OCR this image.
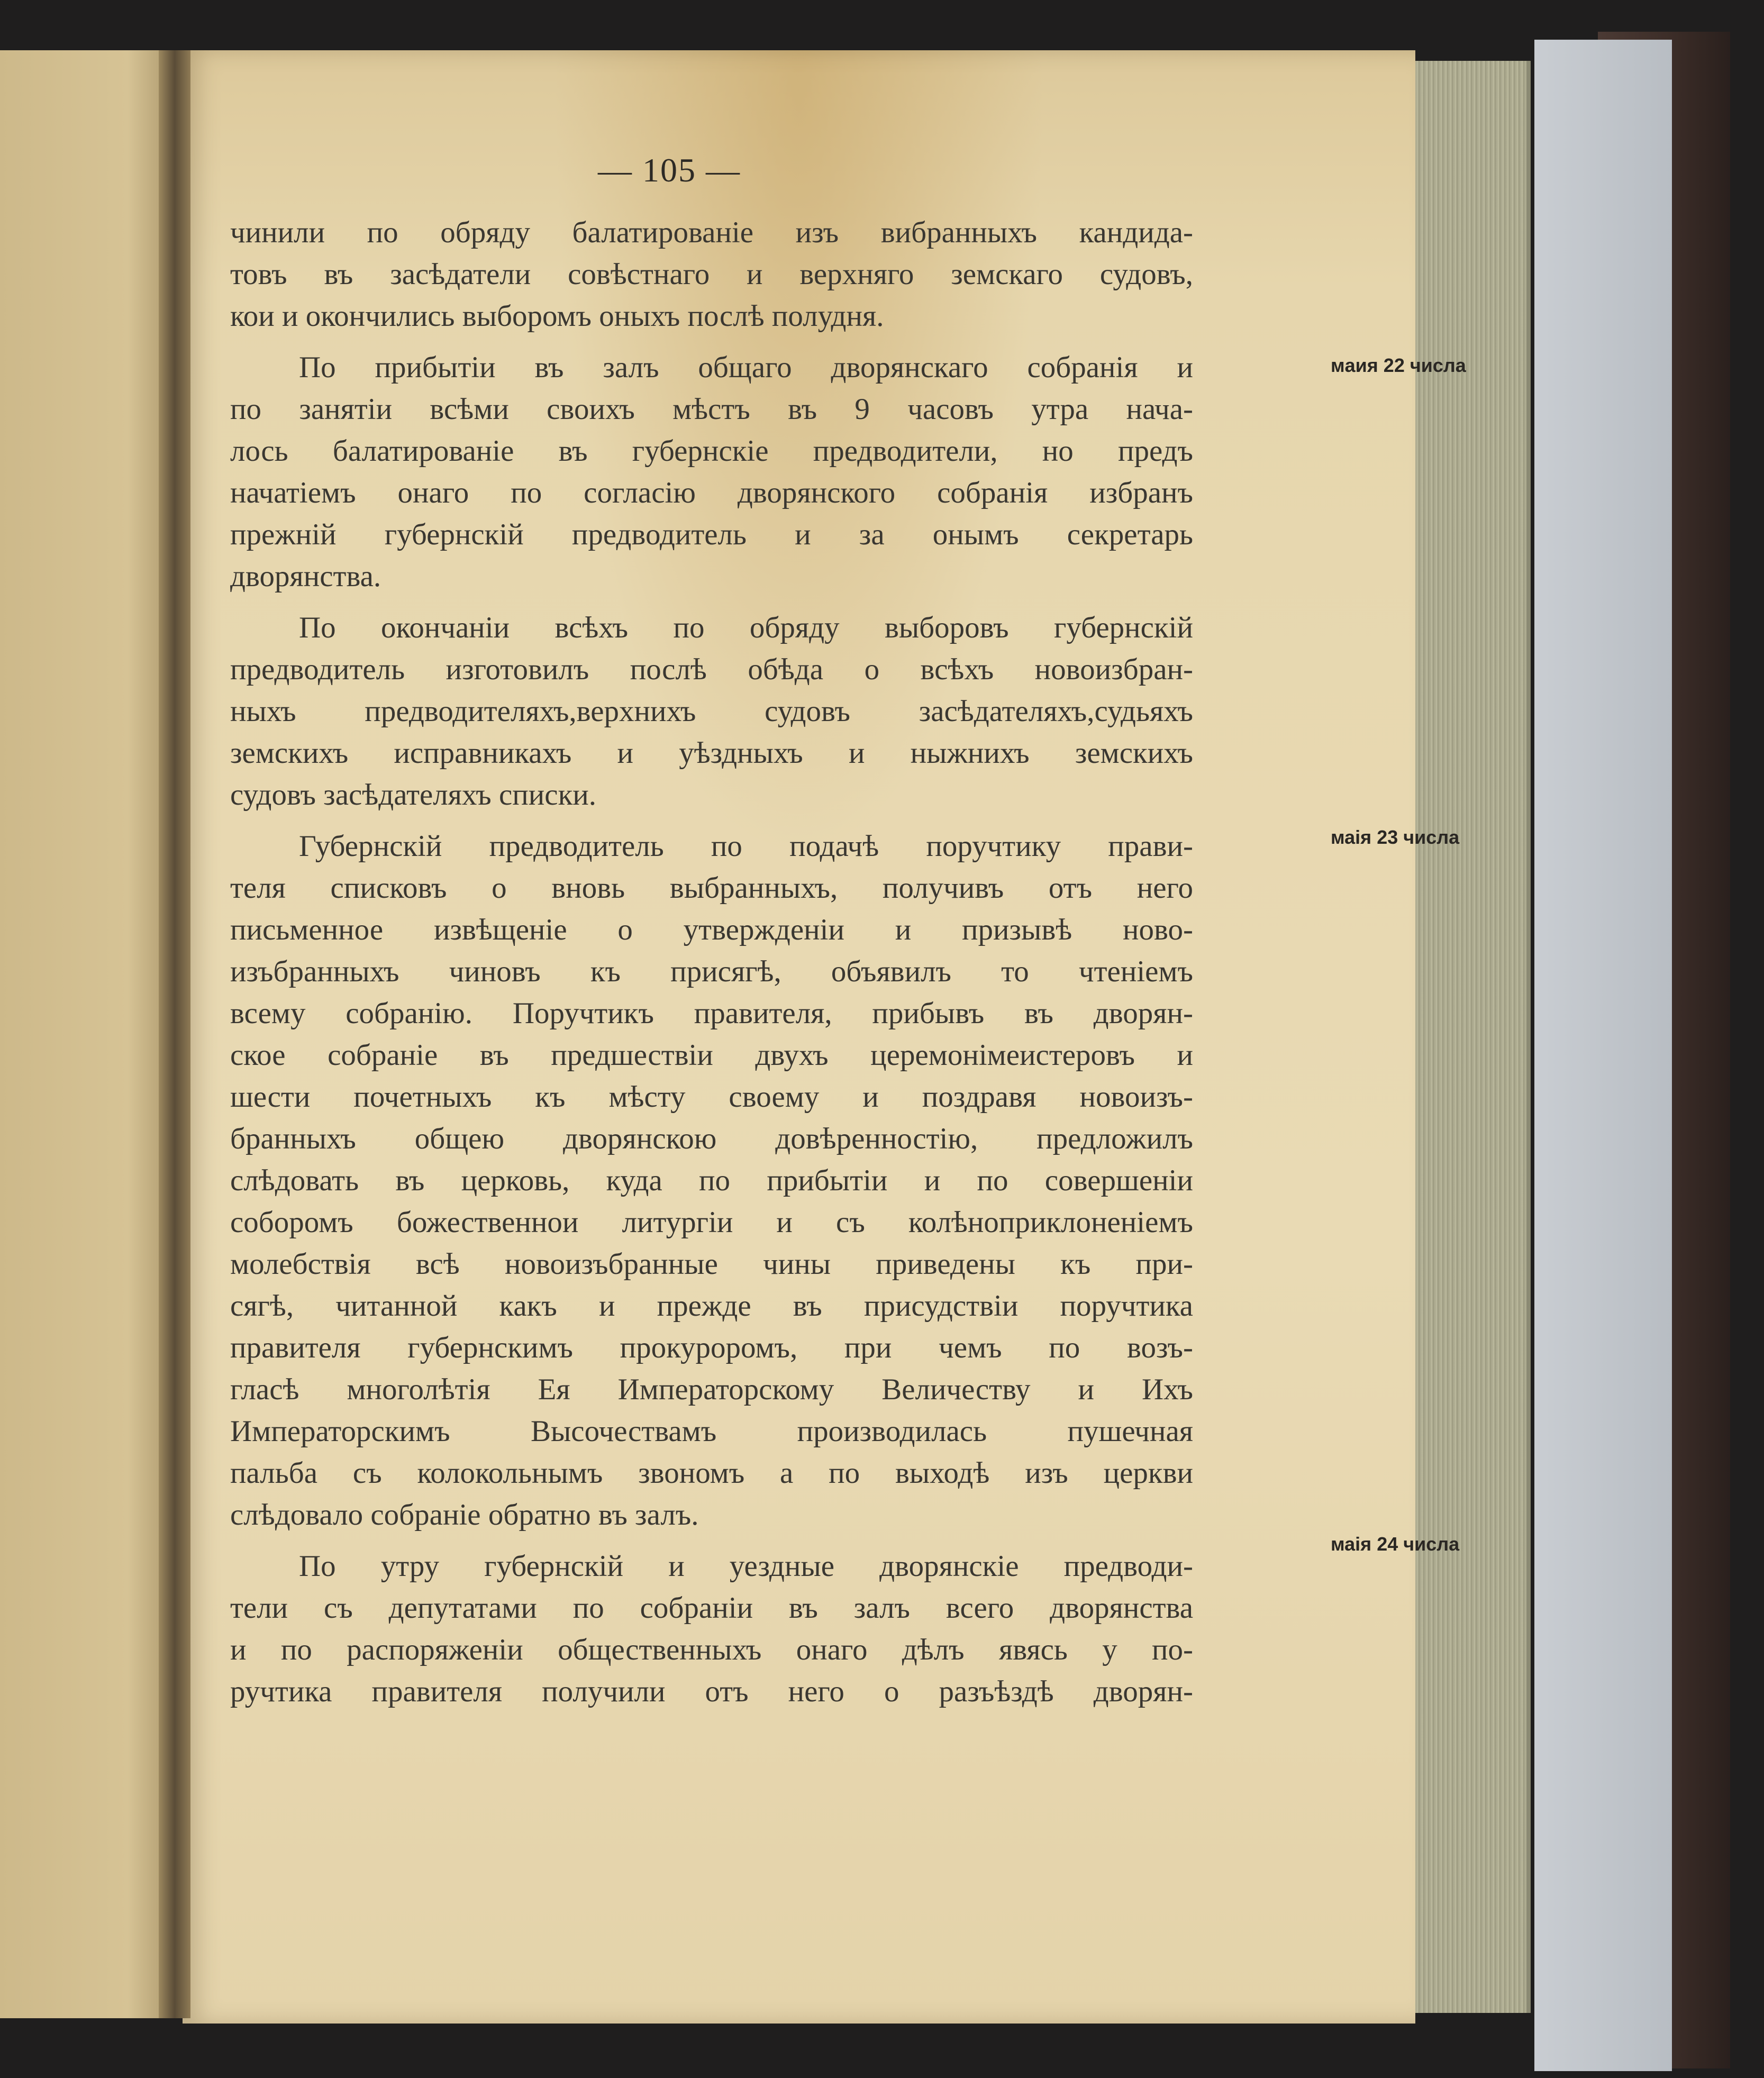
— 105 —
чинили по обряду балатированіе изъ вибранныхъ кандида-
товъ въ засѣдатели совѣстнаго и верхняго земскаго судовъ,
кои и окончились выборомъ оныхъ послѣ полудня.
По прибытіи въ залъ общаго дворянскаго собранія и
по занятіи всѣми своихъ мѣстъ въ 9 часовъ утра нача-
лось балатированіе въ губернскіе предводители, но предъ
начатіемъ онаго по согласію дворянского собранія избранъ
прежній губернскій предводитель и за онымъ секретарь
дворянства.
По окончаніи всѣхъ по обряду выборовъ губернскій
предводитель изготовилъ послѣ обѣда о всѣхъ новоизбран-
ныхъ предводителяхъ,верхнихъ судовъ засѣдателяхъ,судьяхъ
земскихъ исправникахъ и уѣздныхъ и ныжнихъ земскихъ
судовъ засѣдателяхъ списки.
Губернскій предводитель по подачѣ поручтику прави-
теля списковъ о вновь выбранныхъ, получивъ отъ него
письменное извѣщеніе о утвержденіи и призывѣ ново-
изъбранныхъ чиновъ къ присягѣ, объявилъ то чтеніемъ
всему собранію. Поручтикъ правителя, прибывъ въ дворян-
ское собраніе въ предшествіи двухъ церемонімеистеровъ и
шести почетныхъ къ мѣсту своему и поздравя новоизъ-
бранныхъ общею дворянскою довѣренностію, предложилъ
слѣдовать въ церковь, куда по прибытіи и по совершеніи
соборомъ божественнои литургіи и съ колѣноприклоненіемъ
молебствія всѣ новоизъбранные чины приведены къ при-
сягѣ, читанной какъ и прежде въ присудствіи поручтика
правителя губернскимъ прокуроромъ, при чемъ по возъ-
гласѣ многолѣтія Ея Императорскому Величеству и Ихъ
Императорскимъ Высочествамъ производилась пушечная
пальба съ колокольнымъ звономъ а по выходѣ изъ церкви
слѣдовало собраніе обратно въ залъ.
По утру губернскій и уездные дворянскіе предводи-
тели съ депутатами по собраніи въ залъ всего дворянства
и по распоряженіи общественныхъ онаго дѣлъ явясь у по-
ручтика правителя получили отъ него о разъѣздѣ дворян-
мaия 22 числа
маія 23 числа
маія 24 числа
